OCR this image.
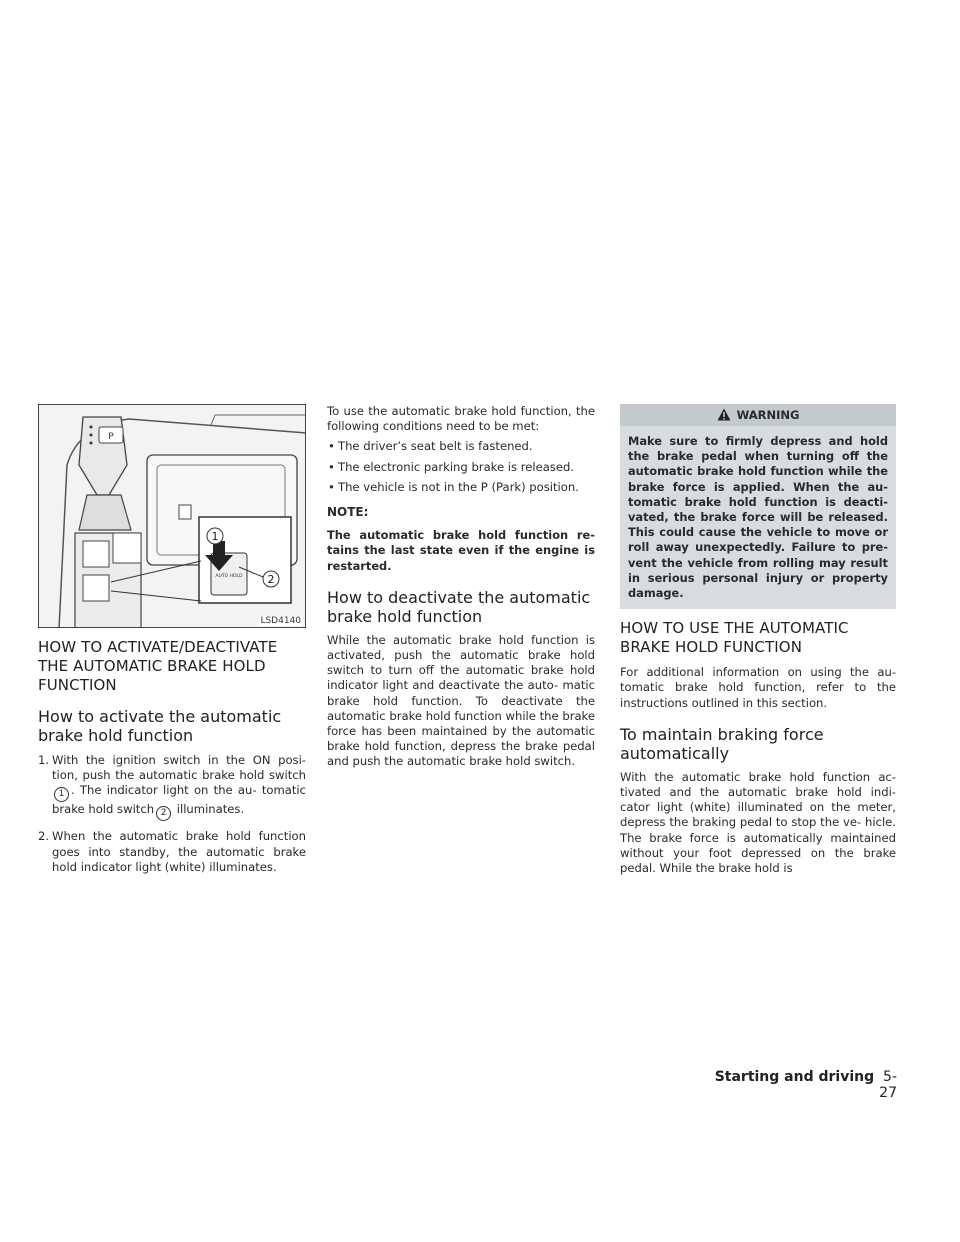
P
AUTO HOLD
1
2
LSD4140
HOW TO ACTIVATE/DEACTIVATE THE AUTOMATIC BRAKE HOLD FUNCTION
How to activate the automatic brake hold function
1. With the ignition switch in the ON posi- tion, push the automatic brake hold switch1 . The indicator light on the au- tomatic brake hold switch 2 illuminates.
2. When the automatic brake hold function goes into standby, the automatic brake hold indicator light (white) illuminates.

To use the automatic brake hold function, the following conditions need to be met:

• The driver’s seat belt is fastened.
• The electronic parking brake is released.
• The vehicle is not in the P (Park) position.

NOTE:

The automatic brake hold function re- tains the last state even if the engine is restarted.

How to deactivate the automatic brake hold function

While the automatic brake hold function is activated, push the automatic brake hold switch to turn off the automatic brake hold indicator light and deactivate the auto- matic brake hold function. To deactivate the automatic brake hold function while the brake force has been maintained by the automatic brake hold function, depress the brake pedal and push the automatic brake hold switch.

WARNING
Make sure to firmly depress and hold the brake pedal when turning off the automatic brake hold function while the brake force is applied. When the au- tomatic brake hold function is deacti- vated, the brake force will be released. This could cause the vehicle to move or roll away unexpectedly. Failure to pre- vent the vehicle from rolling may result in serious personal injury or property damage.
HOW TO USE THE AUTOMATIC BRAKE HOLD FUNCTION

For additional information on using the au- tomatic brake hold function, refer to the instructions outlined in this section.

To maintain braking force automatically

With the automatic brake hold function ac- tivated and the automatic brake hold indi- cator light (white) illuminated on the meter, depress the braking pedal to stop the ve- hicle. The brake force is automatically maintained without your foot depressed on the brake pedal. While the brake hold is

Starting and driving 5-27
